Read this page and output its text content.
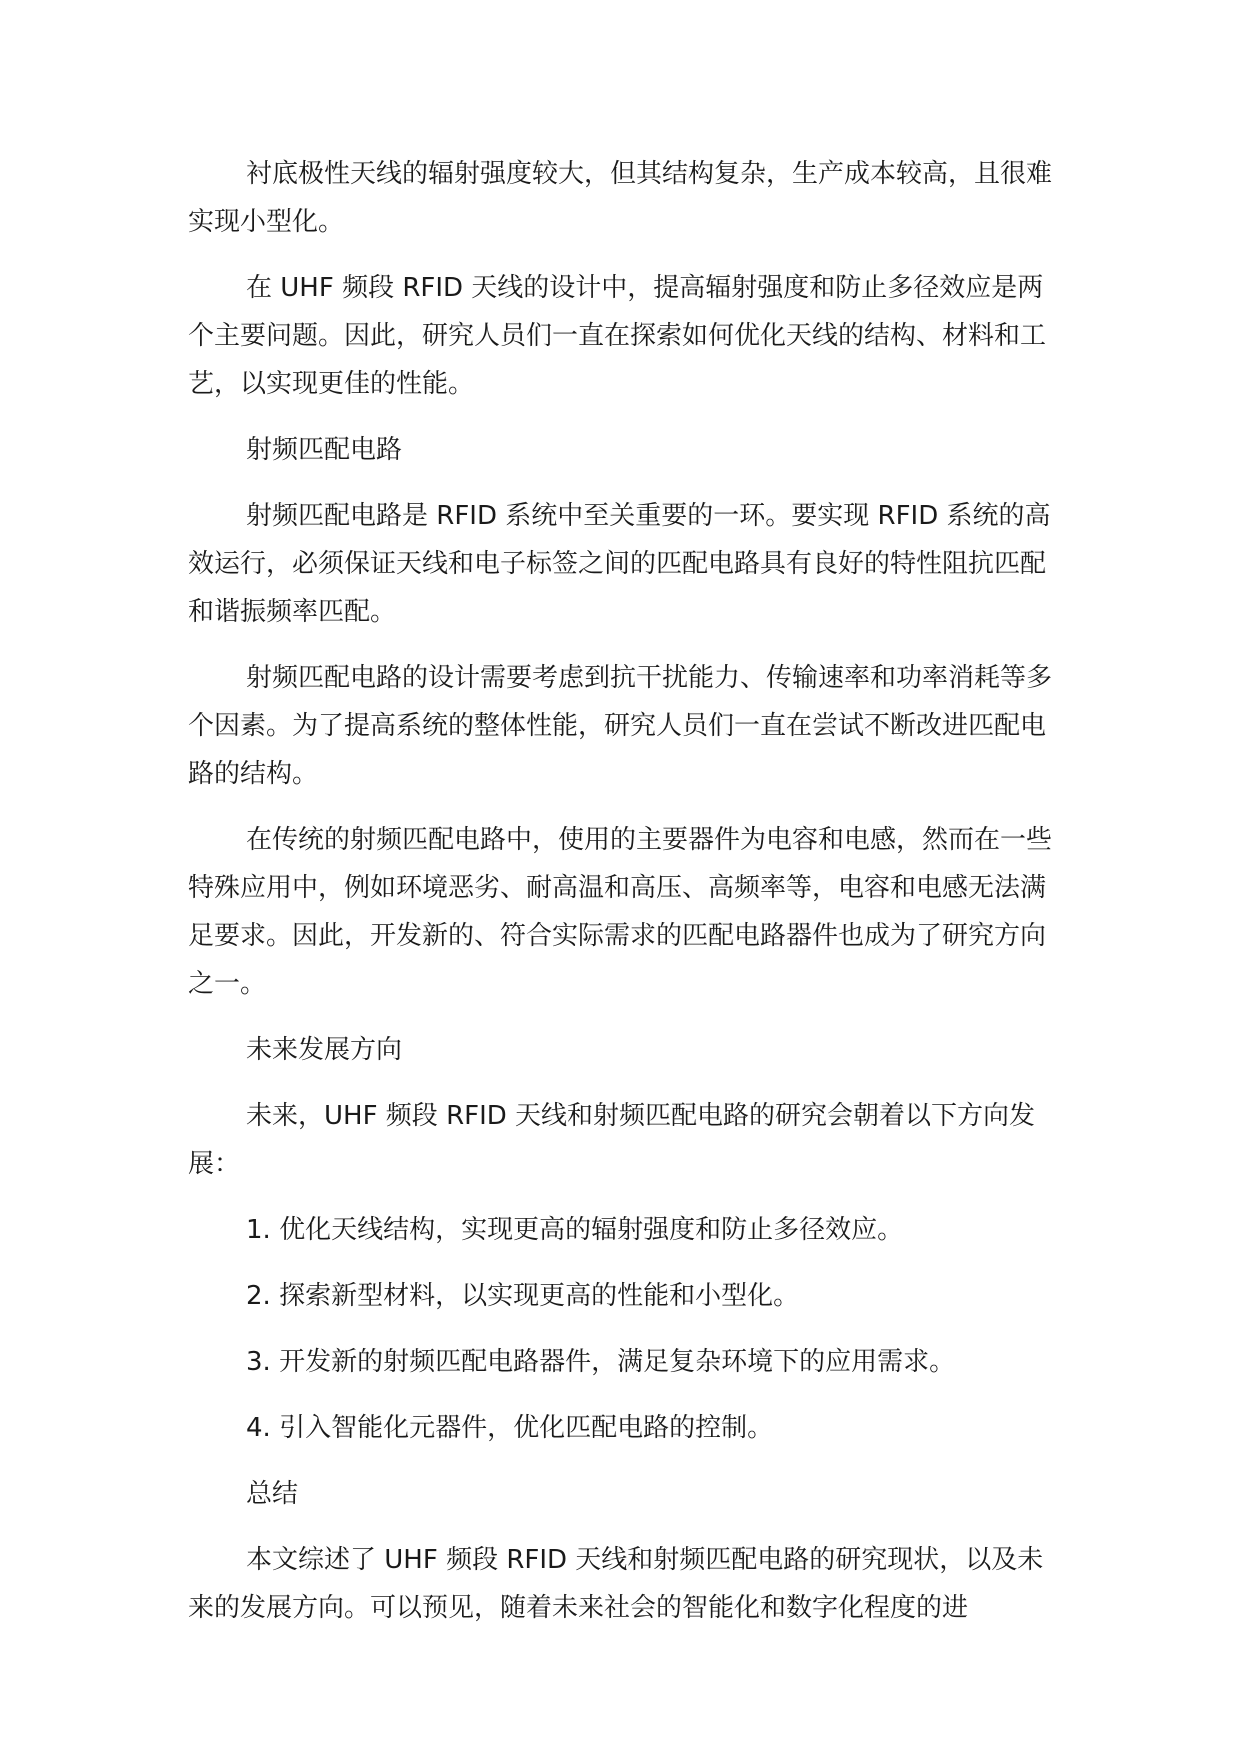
衬底极性天线的辐射强度较大，但其结构复杂，生产成本较高，且很难实现小型化。

在 UHF 频段 RFID 天线的设计中，提高辐射强度和防止多径效应是两个主要问题。因此，研究人员们一直在探索如何优化天线的结构、材料和工艺，以实现更佳的性能。

射频匹配电路

射频匹配电路是 RFID 系统中至关重要的一环。要实现 RFID 系统的高效运行，必须保证天线和电子标签之间的匹配电路具有良好的特性阻抗匹配和谐振频率匹配。

射频匹配电路的设计需要考虑到抗干扰能力、传输速率和功率消耗等多个因素。为了提高系统的整体性能，研究人员们一直在尝试不断改进匹配电路的结构。

在传统的射频匹配电路中，使用的主要器件为电容和电感，然而在一些特殊应用中，例如环境恶劣、耐高温和高压、高频率等，电容和电感无法满足要求。因此，开发新的、符合实际需求的匹配电路器件也成为了研究方向之一。

未来发展方向

未来，UHF 频段 RFID 天线和射频匹配电路的研究会朝着以下方向发展：

1. 优化天线结构，实现更高的辐射强度和防止多径效应。

2. 探索新型材料，以实现更高的性能和小型化。

3. 开发新的射频匹配电路器件，满足复杂环境下的应用需求。

4. 引入智能化元器件，优化匹配电路的控制。

总结

本文综述了 UHF 频段 RFID 天线和射频匹配电路的研究现状，以及未来的发展方向。可以预见，随着未来社会的智能化和数字化程度的进
